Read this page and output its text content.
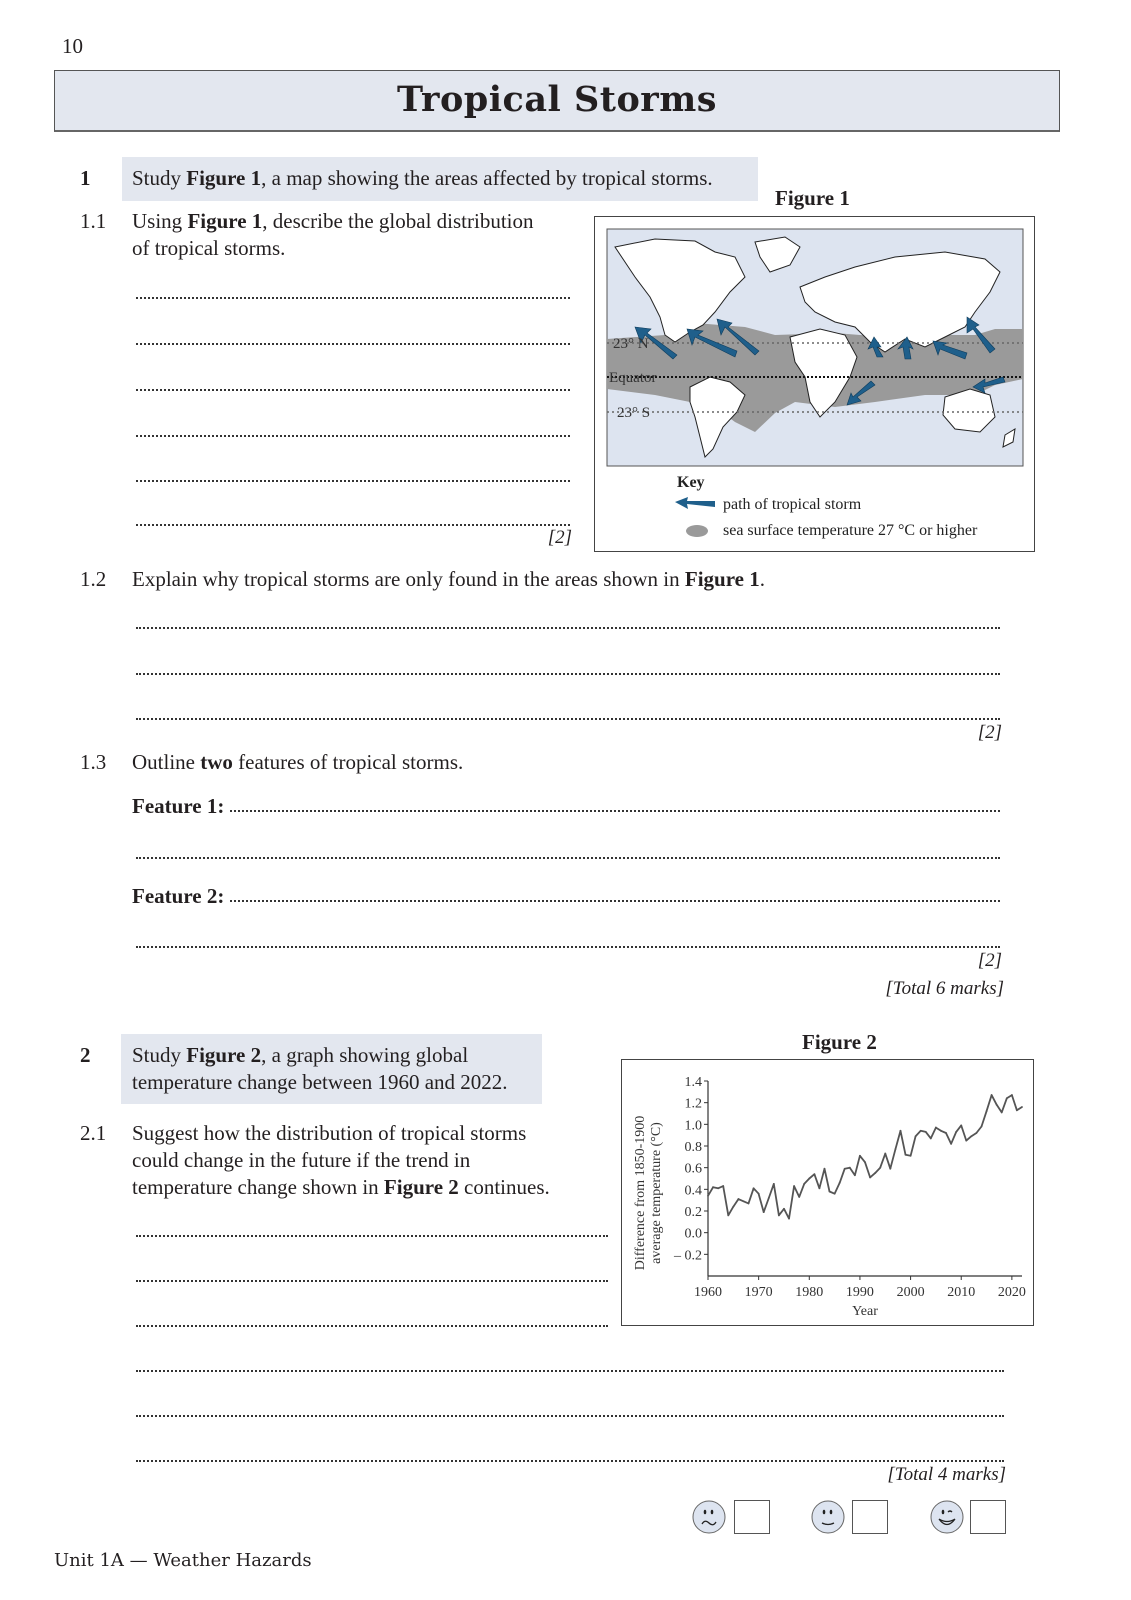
10
Tropical Storms
1	Study Figure 1, a map showing the areas affected by tropical storms.
1.1 Using Figure 1, describe the global distribution
of tropical storms.
[2]
Figure 1
23° N
Equator
23° S
Key
path of tropical storm
sea surface temperature 27 °C or higher
1.2 Explain why tropical storms are only found in the areas shown in Figure 1.
[2]
1.3 Outline two features of tropical storms.
Feature 1:
Feature 2:
[2]
[Total 6 marks]
2 Study Figure 2, a graph showing global
temperature change between 1960 and 2022.
2.1 Suggest how the distribution of tropical storms
could change in the future if the trend in
temperature change shown in Figure 2 continues.
[Total 4 marks]
Figure 2
Difference from 1850-1900 average temperature (°C)
1.4
1.2
1.0
0.8
0.6
0.4
0.2
0.0
– 0.2
1960 1970 1980 1990 2000 2010 2020
Year
Unit 1A — Weather Hazards
